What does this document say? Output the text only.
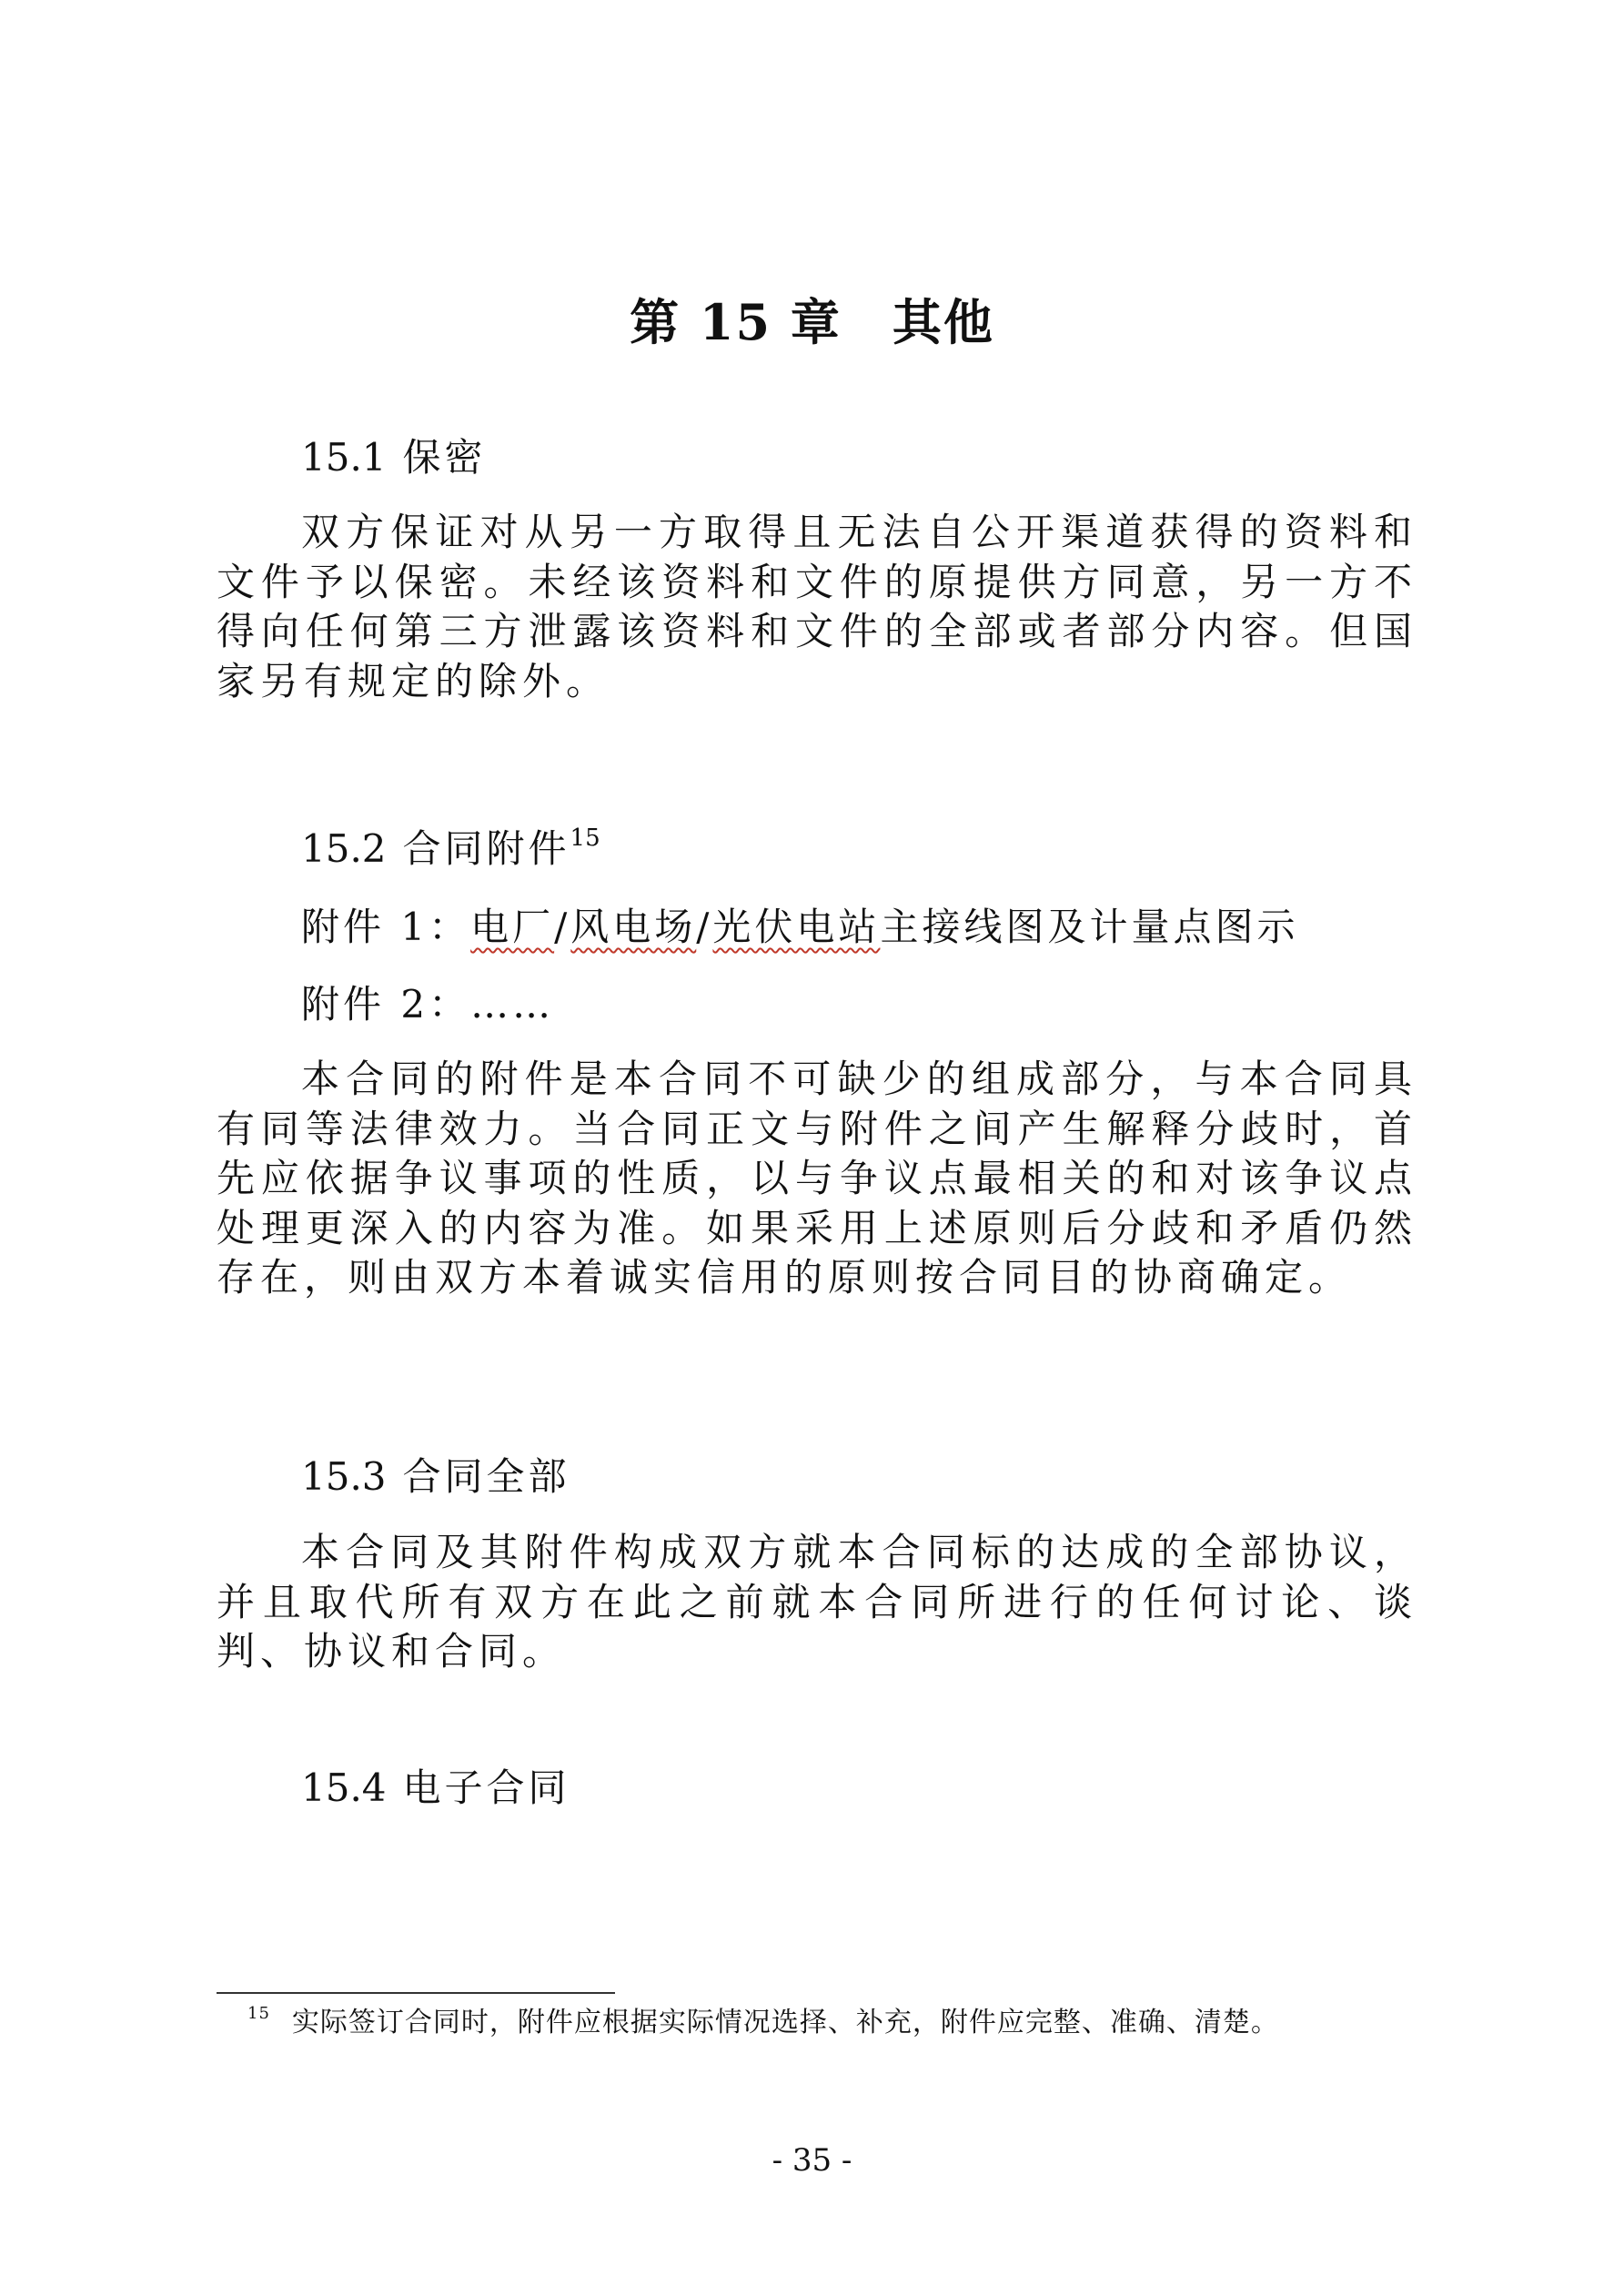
第 15 章 其他

15.1 保密

双方保证对从另一方取得且无法自公开渠道获得的资料和文件予以保密。未经该资料和文件的原提供方同意，另一方不得向任何第三方泄露该资料和文件的全部或者部分内容。但国家另有规定的除外。

15.2 合同附件$^{15}$

附件 1：电厂/风电场/光伏电站主接线图及计量点图示

附件 2：……

本合同的附件是本合同不可缺少的组成部分，与本合同具有同等法律效力。当合同正文与附件之间产生解释分歧时，首先应依据争议事项的性质，以与争议点最相关的和对该争议点处理更深入的内容为准。如果采用上述原则后分歧和矛盾仍然存在，则由双方本着诚实信用的原则按合同目的协商确定。

15.3 合同全部

本合同及其附件构成双方就本合同标的达成的全部协议，并且取代所有双方在此之前就本合同所进行的任何讨论、谈判、协议和合同。

15.4 电子合同

$^{15}$ 实际签订合同时，附件应根据实际情况选择、补充，附件应完整、准确、清楚。

- 35 -
